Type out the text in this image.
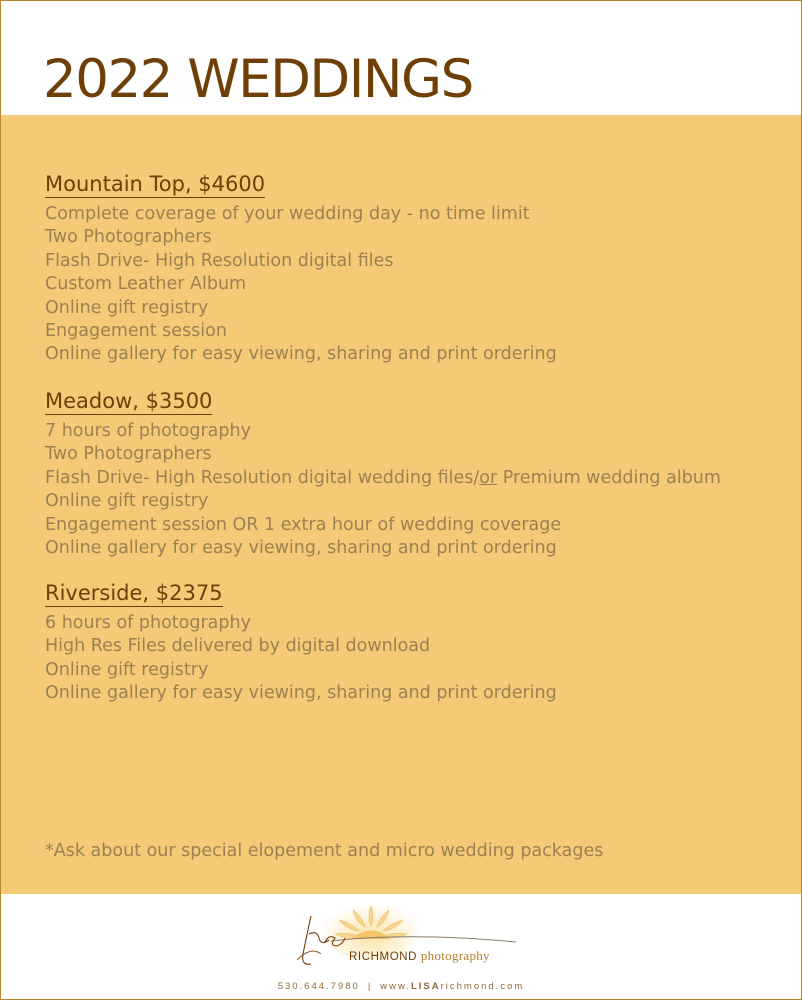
2022 WEDDINGS
Mountain Top, $4600
Complete coverage of your wedding day - no time limit
Two Photographers
Flash Drive- High Resolution digital files
Custom Leather Album
Online gift registry
Engagement session
Online gallery for easy viewing, sharing and print ordering
Meadow, $3500
7 hours of photography
Two Photographers
Flash Drive- High Resolution digital wedding files/or Premium wedding album
Online gift registry
Engagement session OR 1 extra hour of wedding coverage
Online gallery for easy viewing, sharing and print ordering
Riverside, $2375
6 hours of photography
High Res Files delivered by digital download
Online gift registry
Online gallery for easy viewing, sharing and print ordering

*Ask about our special elopement and micro wedding packages

RICHMOND photography
530.644.7980 | www.LISArichmond.com
